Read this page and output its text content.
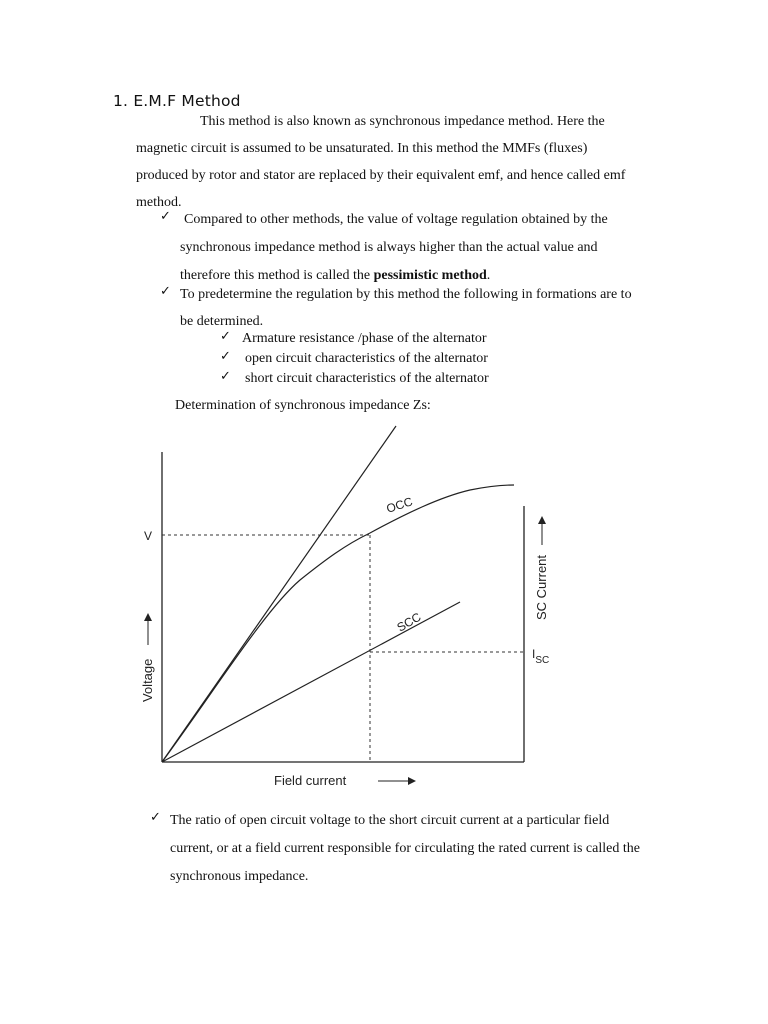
1. E.M.F Method
This method is also known as synchronous impedance method. Here the
magnetic circuit is assumed to be unsaturated. In this method the MMFs (fluxes)
produced by rotor and stator are replaced by their equivalent emf, and hence called emf
method.
✓ Compared to other methods, the value of voltage regulation obtained by the
synchronous impedance method is always higher than the actual value and
therefore this method is called the pessimistic method.
✓ To predetermine the regulation by this method the following in formations are to
be determined.
✓ Armature resistance /phase of the alternator
✓ open circuit characteristics of the alternator
✓ short circuit characteristics of the alternator
Determination of synchronous impedance Zs:
V
OCC
SCC
$I_{SC}$
Field current
Voltage
SC Current
✓ The ratio of open circuit voltage to the short circuit current at a particular field
current, or at a field current responsible for circulating the rated current is called the
synchronous impedance.
